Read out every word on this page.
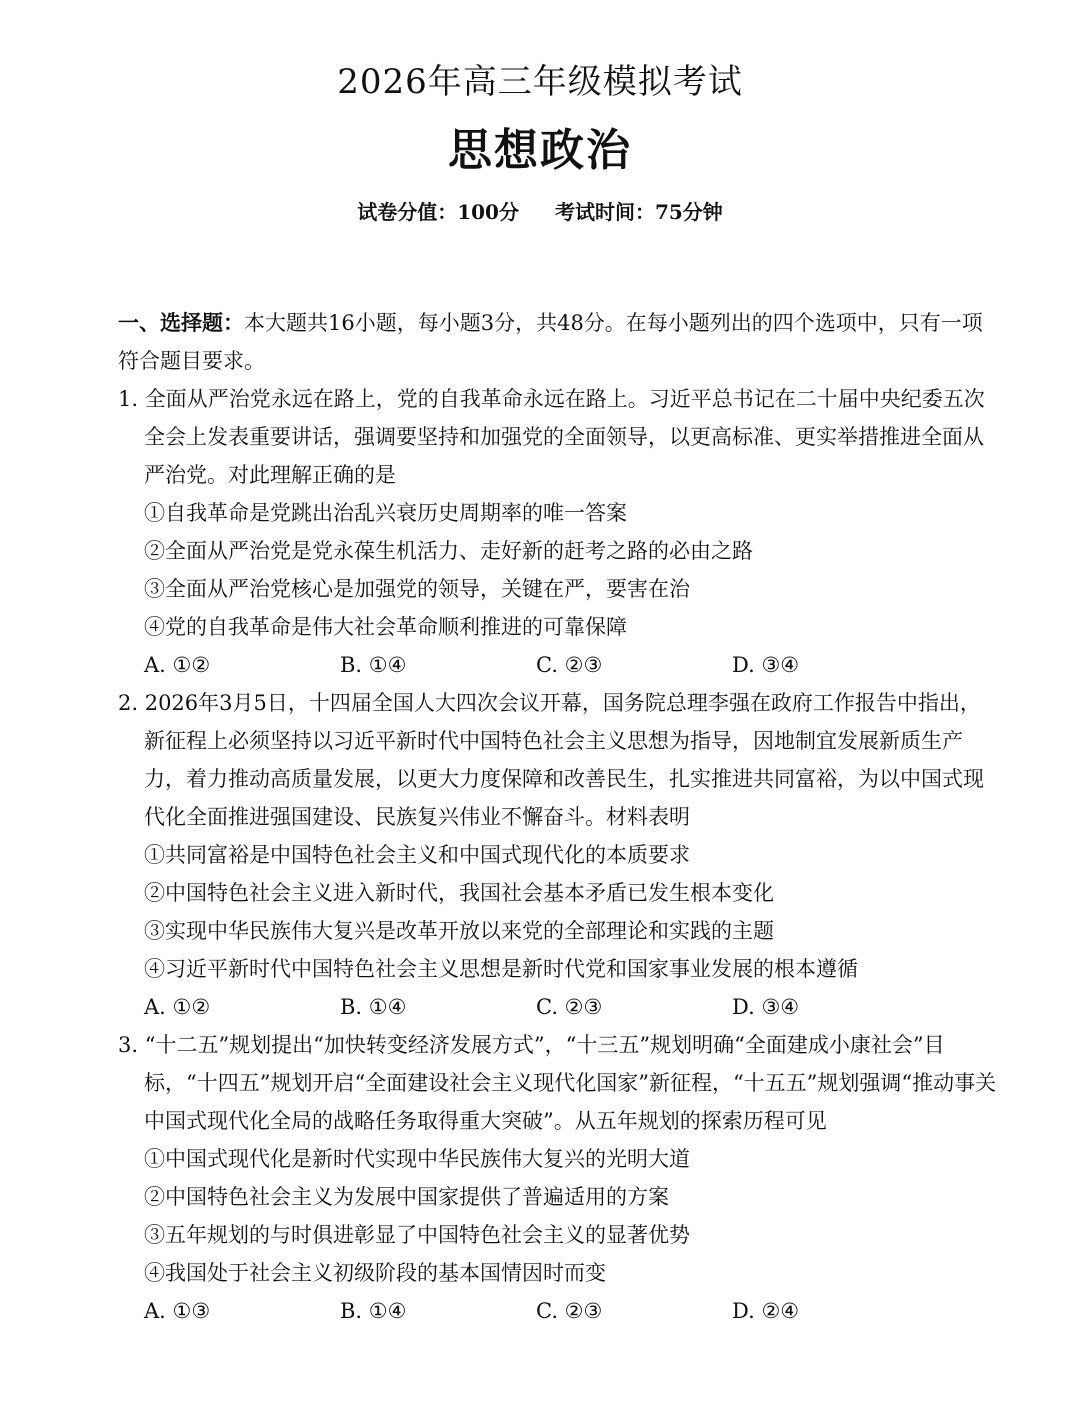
2026年高三年级模拟考试
思想政治
试卷分值：100分 考试时间：75分钟
一、选择题：本大题共16小题，每小题3分，共48分。在每小题列出的四个选项中，只有一项符合题目要求。
1. 全面从严治党永远在路上，党的自我革命永远在路上。习近平总书记在二十届中央纪委五次全会上发表重要讲话，强调要坚持和加强党的全面领导，以更高标准、更实举措推进全面从严治党。对此理解正确的是
①自我革命是党跳出治乱兴衰历史周期率的唯一答案
②全面从严治党是党永葆生机活力、走好新的赶考之路的必由之路
③全面从严治党核心是加强党的领导，关键在严，要害在治
④党的自我革命是伟大社会革命顺利推进的可靠保障
A. ①②	B. ①④	C. ②③	D. ③④
2. 2026年3月5日，十四届全国人大四次会议开幕，国务院总理李强在政府工作报告中指出，新征程上必须坚持以习近平新时代中国特色社会主义思想为指导，因地制宜发展新质生产力，着力推动高质量发展，以更大力度保障和改善民生，扎实推进共同富裕，为以中国式现代化全面推进强国建设、民族复兴伟业不懈奋斗。材料表明
①共同富裕是中国特色社会主义和中国式现代化的本质要求
②中国特色社会主义进入新时代，我国社会基本矛盾已发生根本变化
③实现中华民族伟大复兴是改革开放以来党的全部理论和实践的主题
④习近平新时代中国特色社会主义思想是新时代党和国家事业发展的根本遵循
A. ①②	B. ①④	C. ②③	D. ③④
3. “十二五”规划提出“加快转变经济发展方式”，“十三五”规划明确“全面建成小康社会”目标，“十四五”规划开启“全面建设社会主义现代化国家”新征程，“十五五”规划强调“推动事关中国式现代化全局的战略任务取得重大突破”。从五年规划的探索历程可见
①中国式现代化是新时代实现中华民族伟大复兴的光明大道
②中国特色社会主义为发展中国家提供了普遍适用的方案
③五年规划的与时俱进彰显了中国特色社会主义的显著优势
④我国处于社会主义初级阶段的基本国情因时而变
A. ①③	B. ①④	C. ②③	D. ②④
